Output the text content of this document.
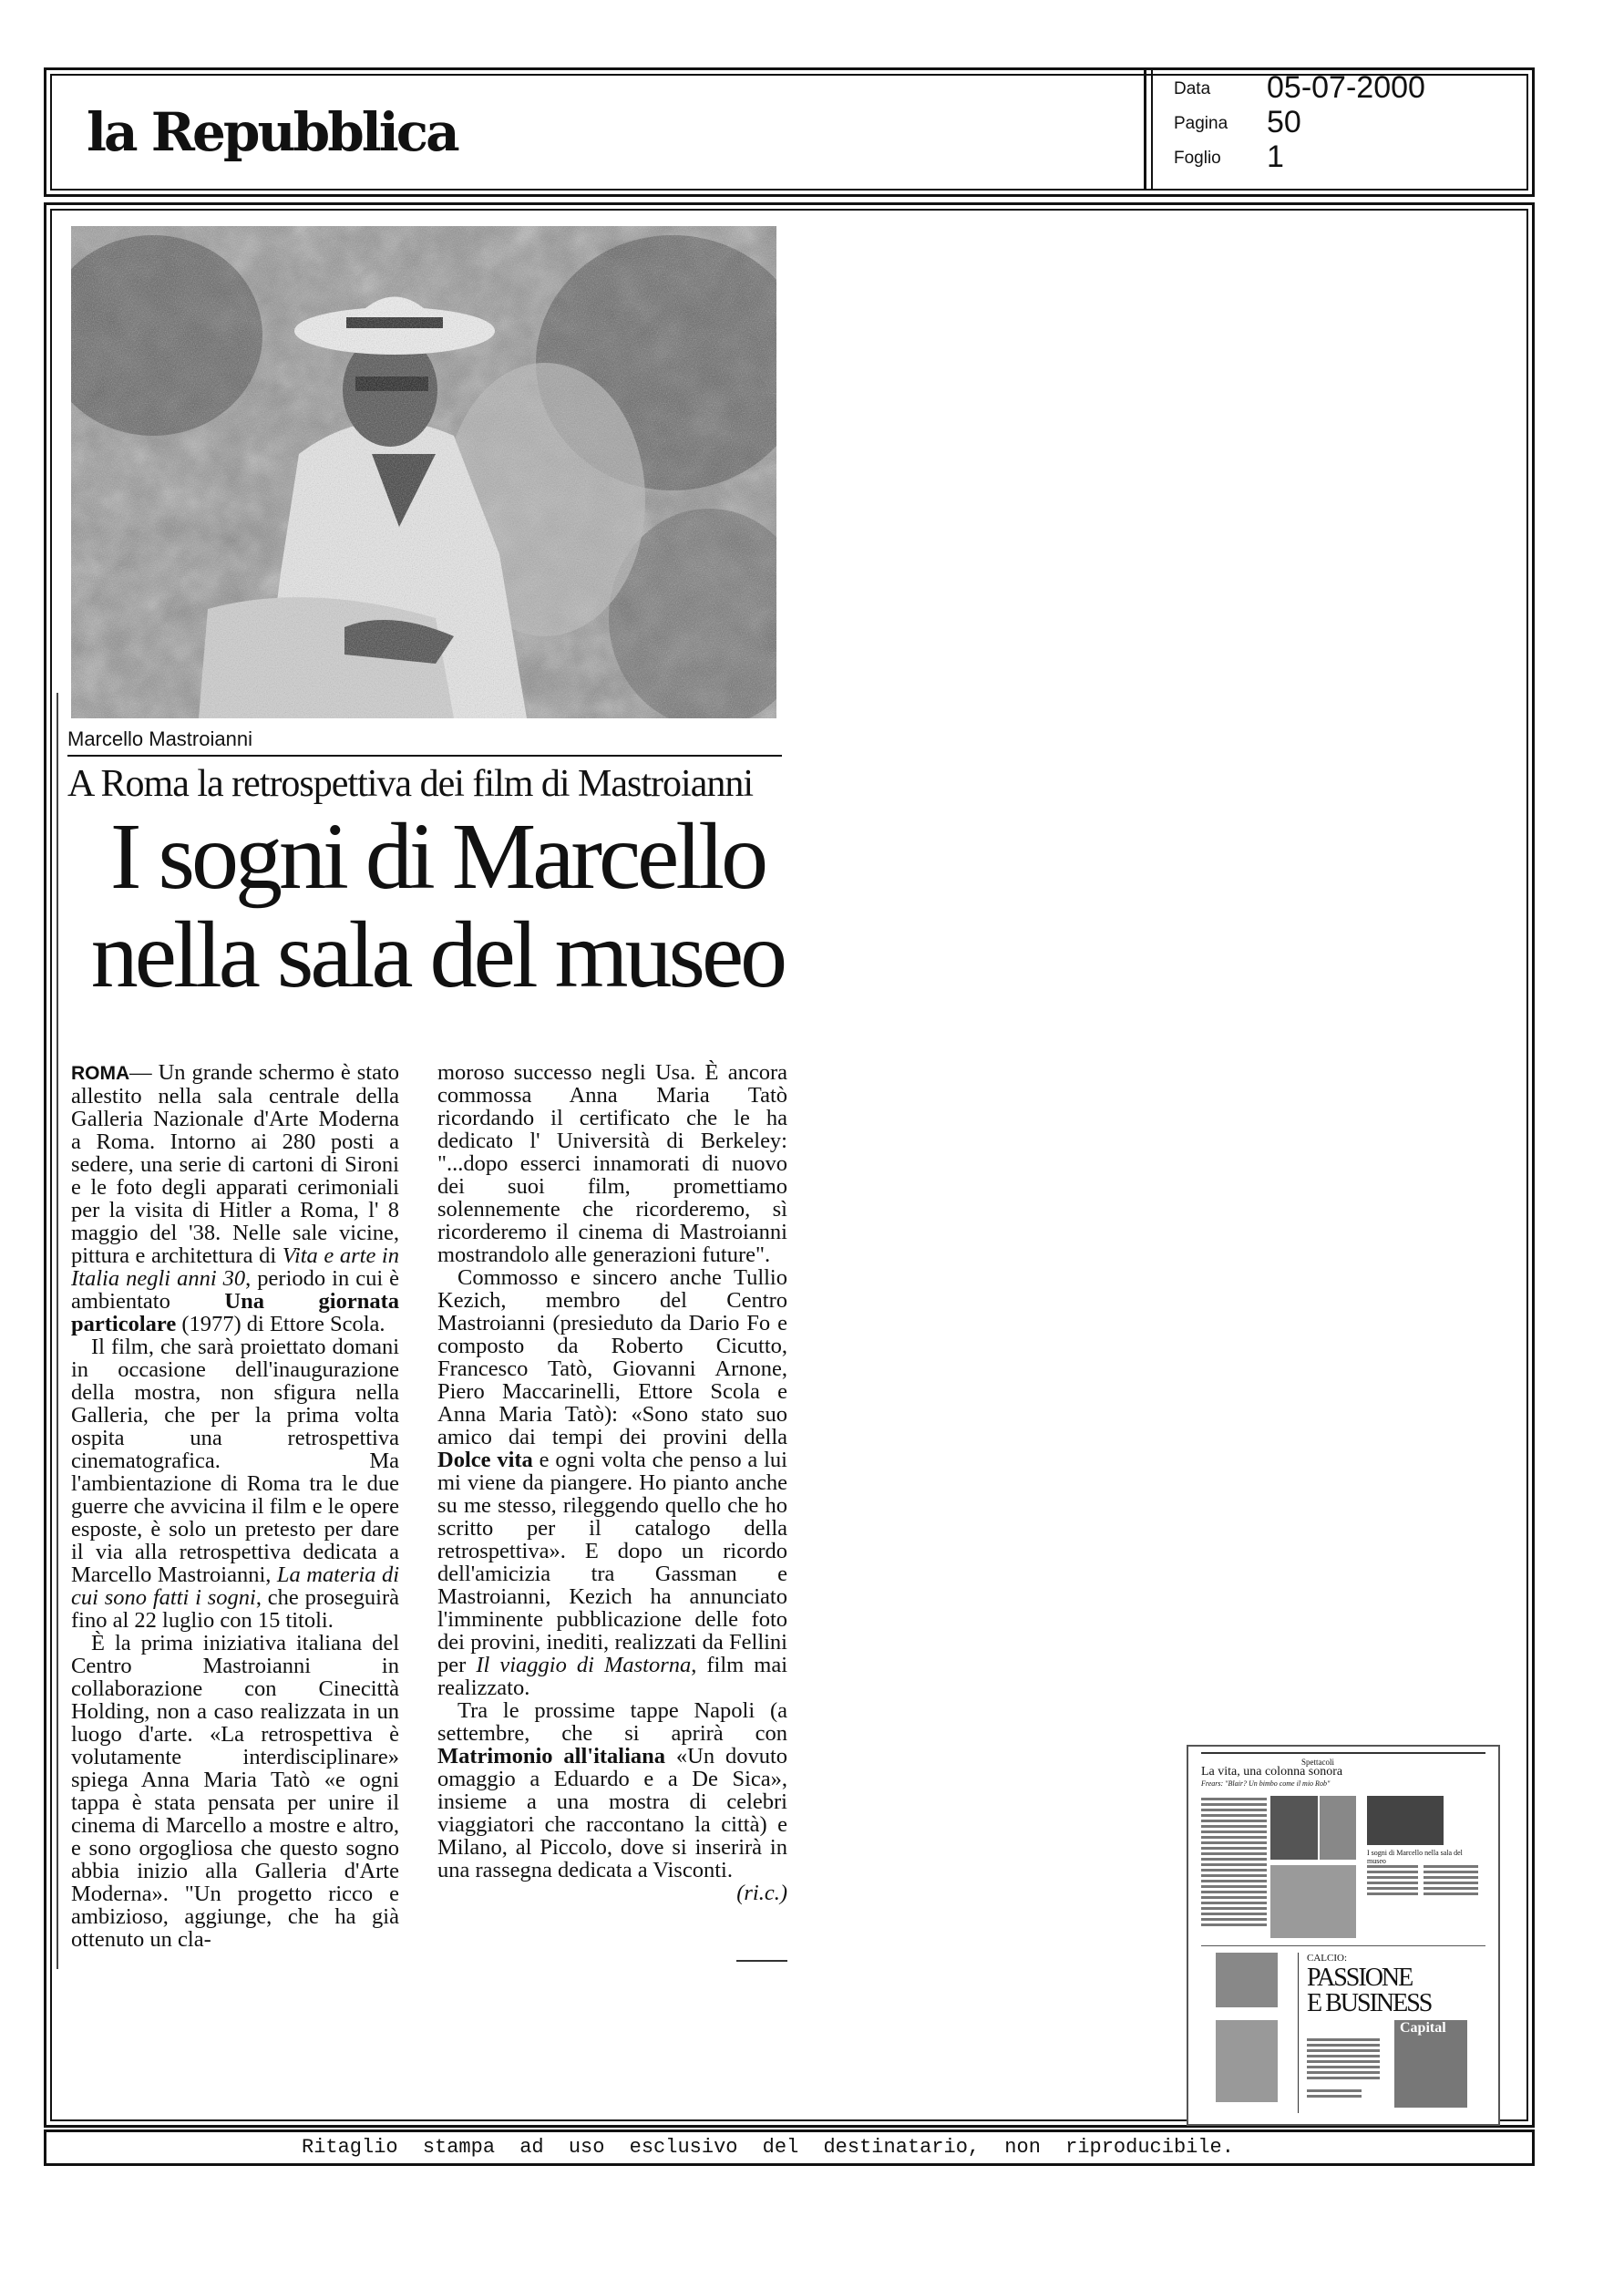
la Repubblica
Data 05-07-2000
Pagina 50
Foglio 1
Marcello Mastroianni
A Roma la retrospettiva dei film di Mastroianni
I sogni di Marcello
nella sala del museo

ROMA— Un grande schermo è stato allestito nella sala centrale della Galleria Nazionale d'Arte Moderna a Roma. Intorno ai 280 posti a sedere, una serie di cartoni di Sironi e le foto degli apparati cerimoniali per la visita di Hitler a Roma, l' 8 maggio del '38. Nelle sale vicine, pittura e architettura di Vita e arte in Italia negli anni 30, periodo in cui è ambientato Una giornata particolare (1977) di Ettore Scola.

Il film, che sarà proiettato domani in occasione dell'inaugurazione della mostra, non sfigura nella Galleria, che per la prima volta ospita una retrospettiva cinematografica. Ma l'ambientazione di Roma tra le due guerre che avvicina il film e le opere esposte, è solo un pretesto per dare il via alla retrospettiva dedicata a Marcello Mastroianni, La materia di cui sono fatti i sogni, che proseguirà fino al 22 luglio con 15 titoli.

È la prima iniziativa italiana del Centro Mastroianni in collaborazione con Cinecittà Holding, non a caso realizzata in un luogo d'arte. «La retrospettiva è volutamente interdisciplinare» spiega Anna Maria Tatò «e ogni tappa è stata pensata per unire il cinema di Marcello a mostre e altro, e sono orgogliosa che questo sogno abbia inizio alla Galleria d'Arte Moderna». "Un progetto ricco e ambizioso, aggiunge, che ha già ottenuto un cla-

moroso successo negli Usa. È ancora commossa Anna Maria Tatò ricordando il certificato che le ha dedicato l' Università di Berkeley: "...dopo esserci innamorati di nuovo dei suoi film, promettiamo solennemente che ricorderemo, sì ricorderemo il cinema di Mastroianni mostrandolo alle generazioni future".

Commosso e sincero anche Tullio Kezich, membro del Centro Mastroianni (presieduto da Dario Fo e composto da Roberto Cicutto, Francesco Tatò, Giovanni Arnone, Piero Maccarinelli, Ettore Scola e Anna Maria Tatò): «Sono stato suo amico dai tempi dei provini della Dolce vita e ogni volta che penso a lui mi viene da piangere. Ho pianto anche su me stesso, rileggendo quello che ho scritto per il catalogo della retrospettiva». E dopo un ricordo dell'amicizia tra Gassman e Mastroianni, Kezich ha annunciato l'imminente pubblicazione delle foto dei provini, inediti, realizzati da Fellini per Il viaggio di Mastorna, film mai realizzato.

Tra le prossime tappe Napoli (a settembre, che si aprirà con Matrimonio all'italiana «Un dovuto omaggio a Eduardo e a De Sica», insieme a una mostra di celebri viaggiatori che raccontano la città) e Milano, al Piccolo, dove si inserirà in una rassegna dedicata a Visconti.

(ri.c.)
Spettacoli
La vita, una colonna sonora
Frears: "Blair? Un bimbo come il mio Rob"
I sogni di Marcello nella sala del museo
CALCIO:
PASSIONE
E BUSINESS
Capital
Ritaglio stampa ad uso esclusivo del destinatario, non riproducibile.
